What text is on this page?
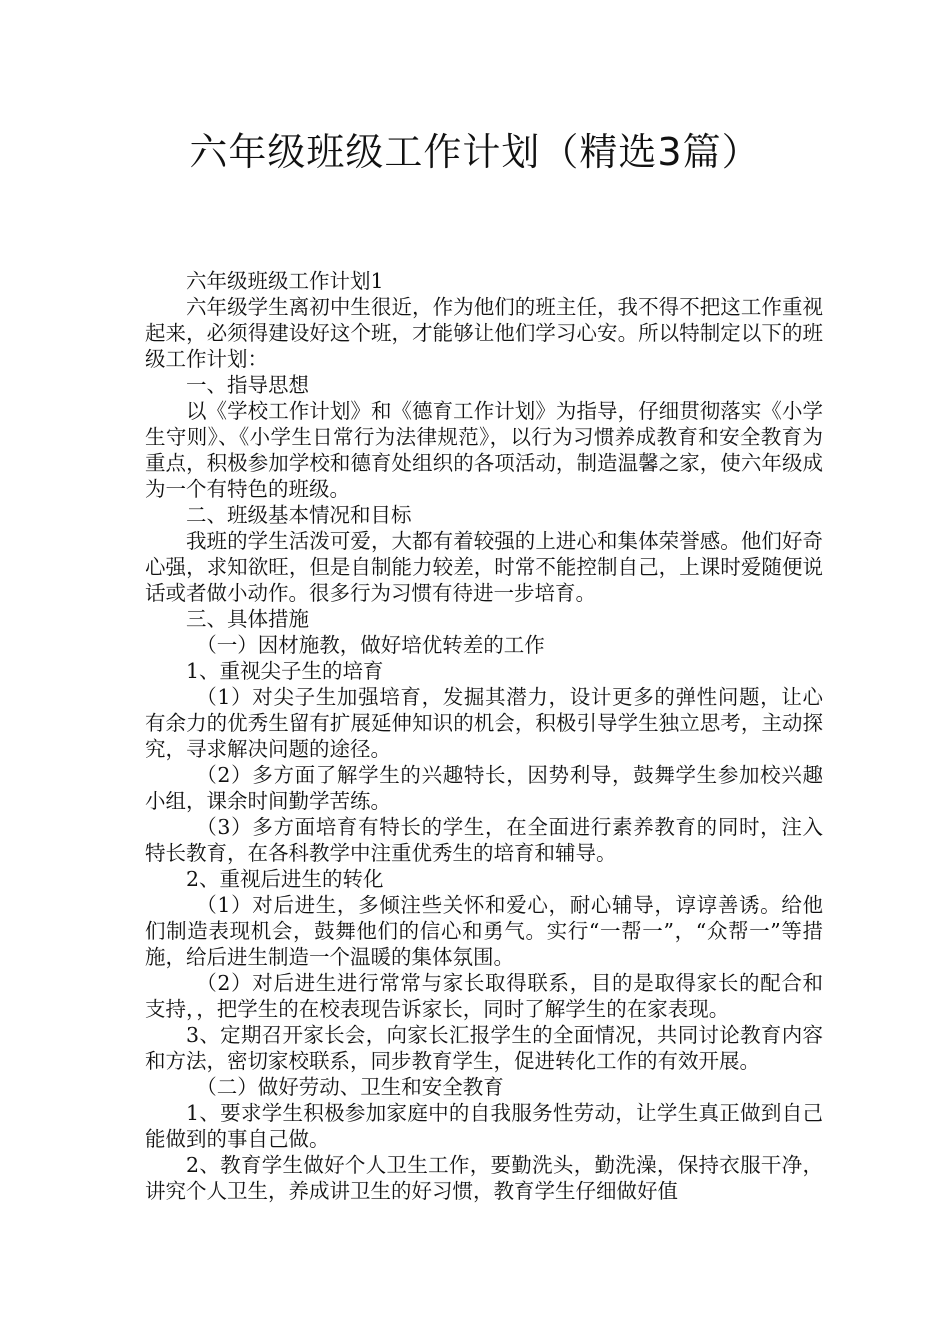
六年级班级工作计划（精选3篇）

六年级班级工作计划1

六年级学生离初中生很近，作为他们的班主任，我不得不把这工作重视起来，必须得建设好这个班，才能够让他们学习心安。所以特制定以下的班级工作计划：

一、指导思想

以《学校工作计划》和《德育工作计划》为指导，仔细贯彻落实《小学生守则》、《小学生日常行为法律规范》，以行为习惯养成教育和安全教育为重点，积极参加学校和德育处组织的各项活动，制造温馨之家，使六年级成为一个有特色的班级。

二、班级基本情况和目标

我班的学生活泼可爱，大都有着较强的上进心和集体荣誉感。他们好奇心强，求知欲旺，但是自制能力较差，时常不能控制自己，上课时爱随便说话或者做小动作。很多行为习惯有待进一步培育。

三、具体措施

（一）因材施教，做好培优转差的工作

1、重视尖子生的培育

（1）对尖子生加强培育，发掘其潜力，设计更多的弹性问题，让心有余力的优秀生留有扩展延伸知识的机会，积极引导学生独立思考，主动探究，寻求解决问题的途径。

（2）多方面了解学生的兴趣特长，因势利导，鼓舞学生参加校兴趣小组，课余时间勤学苦练。

（3）多方面培育有特长的学生，在全面进行素养教育的同时，注入特长教育，在各科教学中注重优秀生的培育和辅导。

2、重视后进生的转化

（1）对后进生，多倾注些关怀和爱心，耐心辅导，谆谆善诱。给他们制造表现机会，鼓舞他们的信心和勇气。实行“一帮一”，“众帮一”等措施，给后进生制造一个温暖的集体氛围。

（2）对后进生进行常常与家长取得联系，目的是取得家长的配合和支持，，把学生的在校表现告诉家长，同时了解学生的在家表现。

3、定期召开家长会，向家长汇报学生的全面情况，共同讨论教育内容和方法，密切家校联系，同步教育学生，促进转化工作的有效开展。

（二）做好劳动、卫生和安全教育

1、要求学生积极参加家庭中的自我服务性劳动，让学生真正做到自己能做到的事自己做。

2、教育学生做好个人卫生工作，要勤洗头，勤洗澡，保持衣服干净，讲究个人卫生，养成讲卫生的好习惯，教育学生仔细做好值
